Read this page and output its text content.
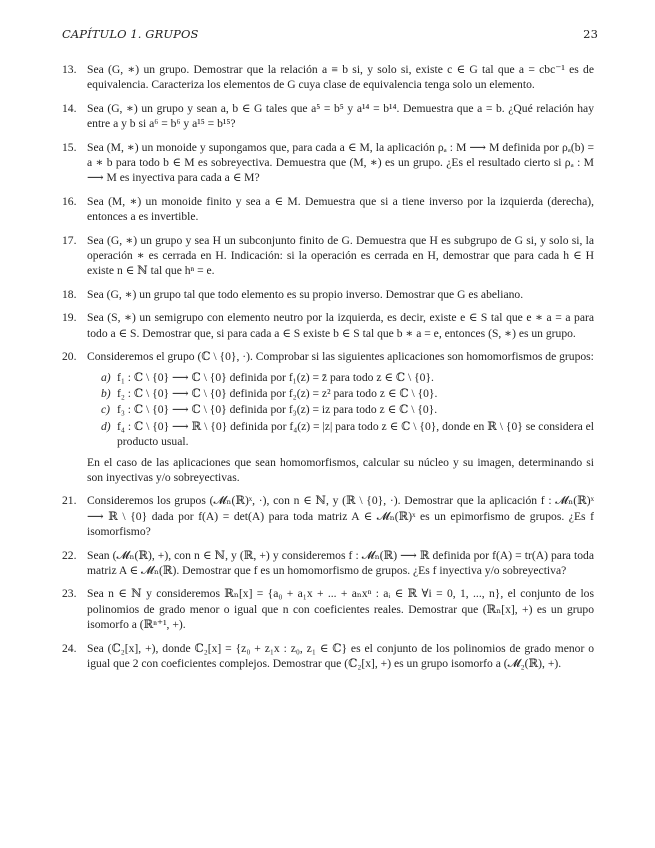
CAPÍTULO 1. GRUPOS	23
13. Sea (G, ∗) un grupo. Demostrar que la relación a ≡ b si, y solo si, existe c ∈ G tal que a = cbc⁻¹ es de equivalencia. Caracteriza los elementos de G cuya clase de equivalencia tenga solo un elemento.
14. Sea (G, ∗) un grupo y sean a, b ∈ G tales que a⁵ = b⁵ y a¹⁴ = b¹⁴. Demuestra que a = b. ¿Qué relación hay entre a y b si a⁶ = b⁶ y a¹⁵ = b¹⁵?
15. Sea (M, ∗) un monoide y supongamos que, para cada a ∈ M, la aplicación ρₐ : M ⟶ M definida por ρₐ(b) = a ∗ b para todo b ∈ M es sobreyectiva. Demuestra que (M, ∗) es un grupo. ¿Es el resultado cierto si ρₐ : M ⟶ M es inyectiva para cada a ∈ M?
16. Sea (M, ∗) un monoide finito y sea a ∈ M. Demuestra que si a tiene inverso por la izquierda (derecha), entonces a es invertible.
17. Sea (G, ∗) un grupo y sea H un subconjunto finito de G. Demuestra que H es subgrupo de G si, y solo si, la operación ∗ es cerrada en H. Indicación: si la operación es cerrada en H, demostrar que para cada h ∈ H existe n ∈ ℕ tal que hⁿ = e.
18. Sea (G, ∗) un grupo tal que todo elemento es su propio inverso. Demostrar que G es abeliano.
19. Sea (S, ∗) un semigrupo con elemento neutro por la izquierda, es decir, existe e ∈ S tal que e ∗ a = a para todo a ∈ S. Demostrar que, si para cada a ∈ S existe b ∈ S tal que b ∗ a = e, entonces (S, ∗) es un grupo.
20. Consideremos el grupo (ℂ \ {0}, ·). Comprobar si las siguientes aplicaciones son homomorfismos de grupos:
a) f₁ : ℂ \ {0} ⟶ ℂ \ {0} definida por f₁(z) = z̄ para todo z ∈ ℂ \ {0}.
b) f₂ : ℂ \ {0} ⟶ ℂ \ {0} definida por f₂(z) = z² para todo z ∈ ℂ \ {0}.
c) f₃ : ℂ \ {0} ⟶ ℂ \ {0} definida por f₃(z) = iz para todo z ∈ ℂ \ {0}.
d) f₄ : ℂ \ {0} ⟶ ℝ \ {0} definida por f₄(z) = |z| para todo z ∈ ℂ \ {0}, donde en ℝ \ {0} se considera el producto usual.
En el caso de las aplicaciones que sean homomorfismos, calcular su núcleo y su imagen, determinando si son inyectivas y/o sobreyectivas.
21. Consideremos los grupos (𝓜ₙ(ℝ)ˣ, ·), con n ∈ ℕ, y (ℝ \ {0}, ·). Demostrar que la aplicación f : 𝓜ₙ(ℝ)ˣ ⟶ ℝ \ {0} dada por f(A) = det(A) para toda matriz A ∈ 𝓜ₙ(ℝ)ˣ es un epimorfismo de grupos. ¿Es f isomorfismo?
22. Sean (𝓜ₙ(ℝ), +), con n ∈ ℕ, y (ℝ, +) y consideremos f : 𝓜ₙ(ℝ) ⟶ ℝ definida por f(A) = tr(A) para toda matriz A ∈ 𝓜ₙ(ℝ). Demostrar que f es un homomorfismo de grupos. ¿Es f inyectiva y/o sobreyectiva?
23. Sea n ∈ ℕ y consideremos ℝₙ[x] = {a₀ + a₁x + ... + aₙxⁿ : aᵢ ∈ ℝ ∀i = 0, 1, ..., n}, el conjunto de los polinomios de grado menor o igual que n con coeficientes reales. Demostrar que (ℝₙ[x], +) es un grupo isomorfo a (ℝⁿ⁺¹, +).
24. Sea (ℂ₂[x], +), donde ℂ₂[x] = {z₀ + z₁x : z₀, z₁ ∈ ℂ} es el conjunto de los polinomios de grado menor o igual que 2 con coeficientes complejos. Demostrar que (ℂ₂[x], +) es un grupo isomorfo a (𝓜₂(ℝ), +).
